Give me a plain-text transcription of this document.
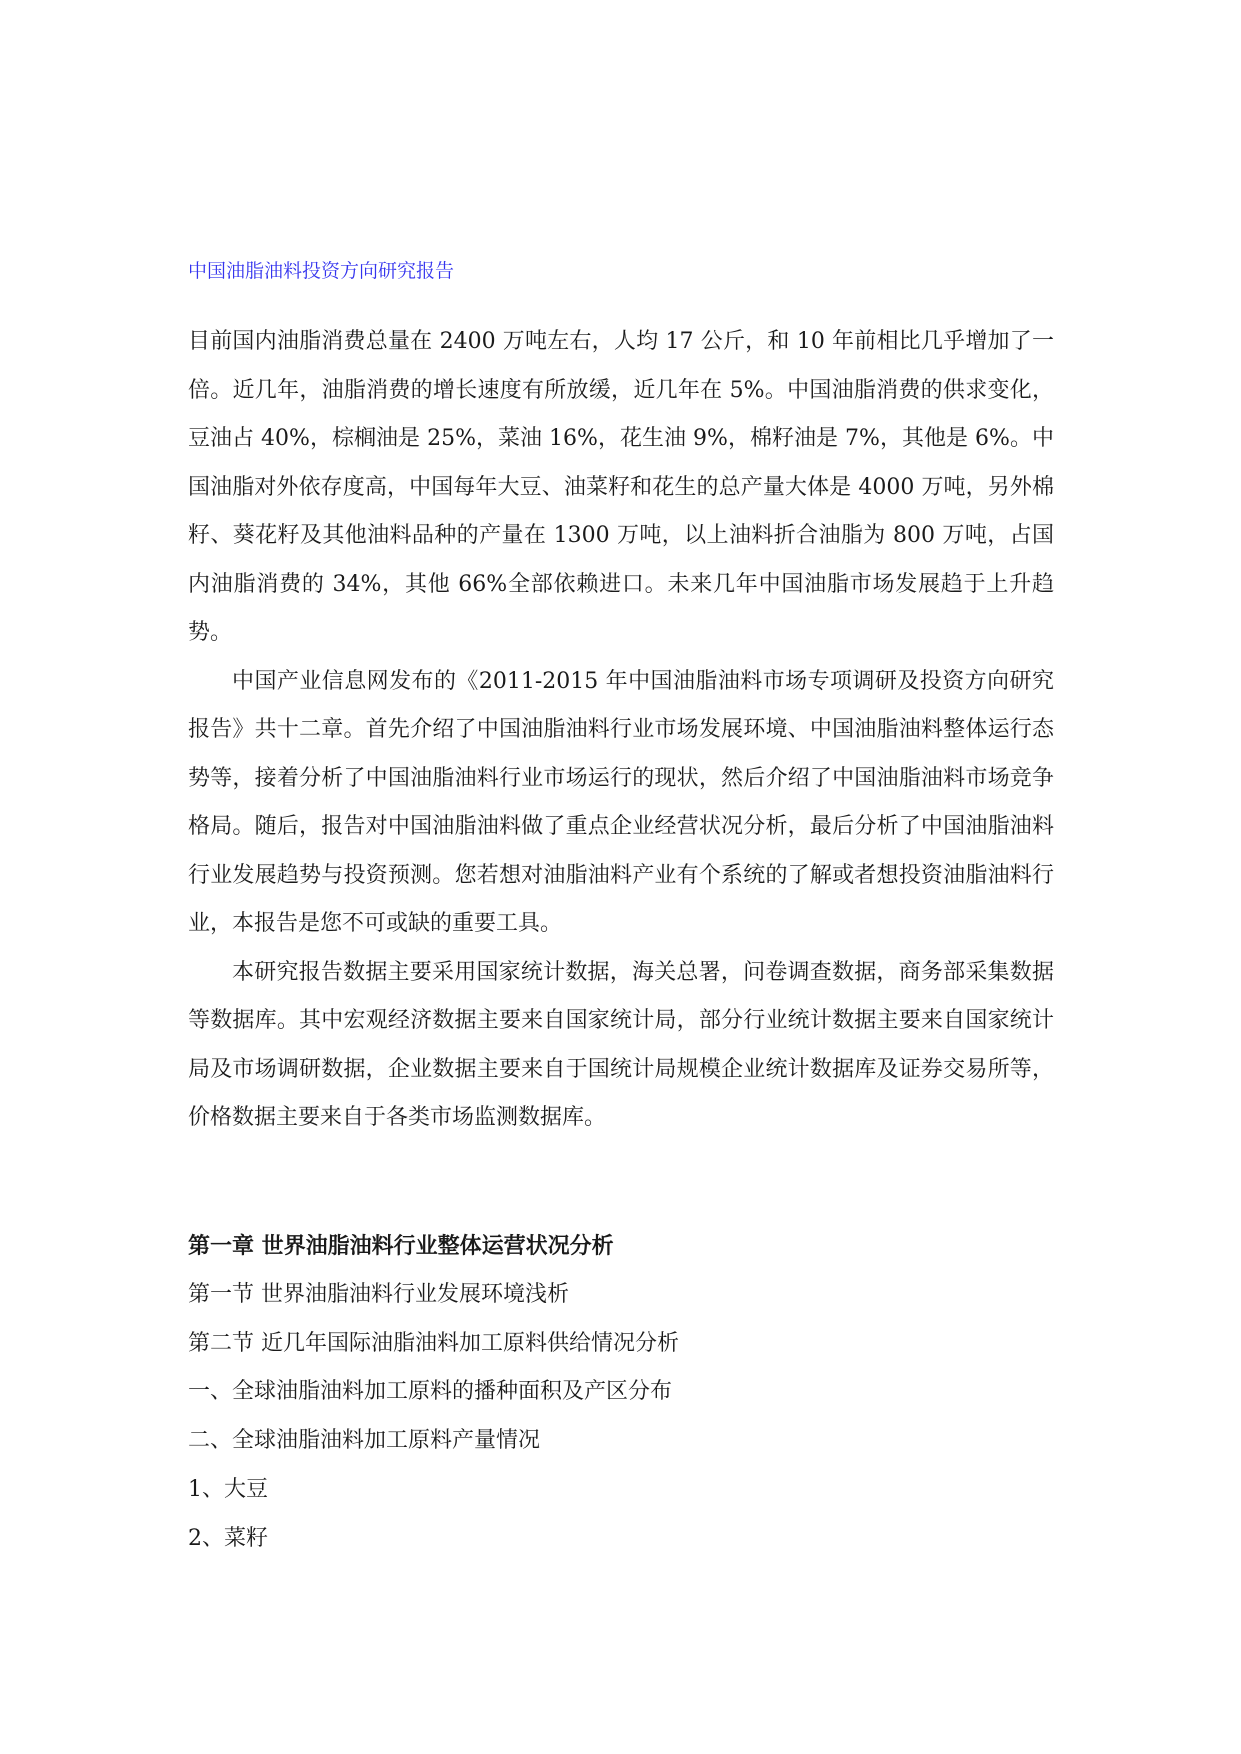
中国油脂油料投资方向研究报告

目前国内油脂消费总量在 2400 万吨左右，人均 17 公斤，和 10 年前相比几乎增加了一倍。近几年，油脂消费的增长速度有所放缓，近几年在 5%。中国油脂消费的供求变化，豆油占 40%，棕榈油是 25%，菜油 16%，花生油 9%，棉籽油是 7%，其他是 6%。中国油脂对外依存度高，中国每年大豆、油菜籽和花生的总产量大体是 4000 万吨，另外棉籽、葵花籽及其他油料品种的产量在 1300 万吨，以上油料折合油脂为 800 万吨，占国内油脂消费的 34%，其他 66%全部依赖进口。未来几年中国油脂市场发展趋于上升趋势。

中国产业信息网发布的《2011-2015 年中国油脂油料市场专项调研及投资方向研究报告》共十二章。首先介绍了中国油脂油料行业市场发展环境、中国油脂油料整体运行态势等，接着分析了中国油脂油料行业市场运行的现状，然后介绍了中国油脂油料市场竞争格局。随后，报告对中国油脂油料做了重点企业经营状况分析，最后分析了中国油脂油料行业发展趋势与投资预测。您若想对油脂油料产业有个系统的了解或者想投资油脂油料行业，本报告是您不可或缺的重要工具。

本研究报告数据主要采用国家统计数据，海关总署，问卷调查数据，商务部采集数据等数据库。其中宏观经济数据主要来自国家统计局，部分行业统计数据主要来自国家统计局及市场调研数据，企业数据主要来自于国统计局规模企业统计数据库及证券交易所等，价格数据主要来自于各类市场监测数据库。

第一章 世界油脂油料行业整体运营状况分析
第一节 世界油脂油料行业发展环境浅析
第二节 近几年国际油脂油料加工原料供给情况分析
一、全球油脂油料加工原料的播种面积及产区分布
二、全球油脂油料加工原料产量情况
1、大豆
2、菜籽
